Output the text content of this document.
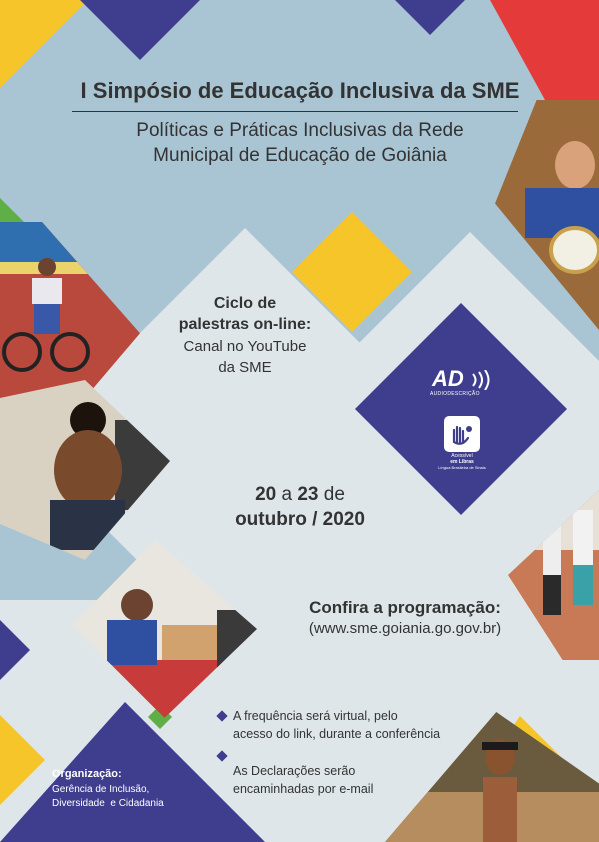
I Simpósio de Educação Inclusiva da SME
Políticas e Práticas Inclusivas da Rede
Municipal de Educação de Goiânia
Ciclo de
palestras on-line:
Canal no YouTube
da SME	AD
AUDIODESCRIÇÃO
Acessível
em Libras
Língua Brasileira de Sinais
20 a 23 de
outubro / 2020
Confira a programação:
(www.sme.goiania.go.gov.br)
A frequência será virtual, pelo
acesso do link, durante a conferência
As Declarações serão
encaminhadas por e-mail
Organização:
Gerência de Inclusão,
Diversidade  e Cidadania
